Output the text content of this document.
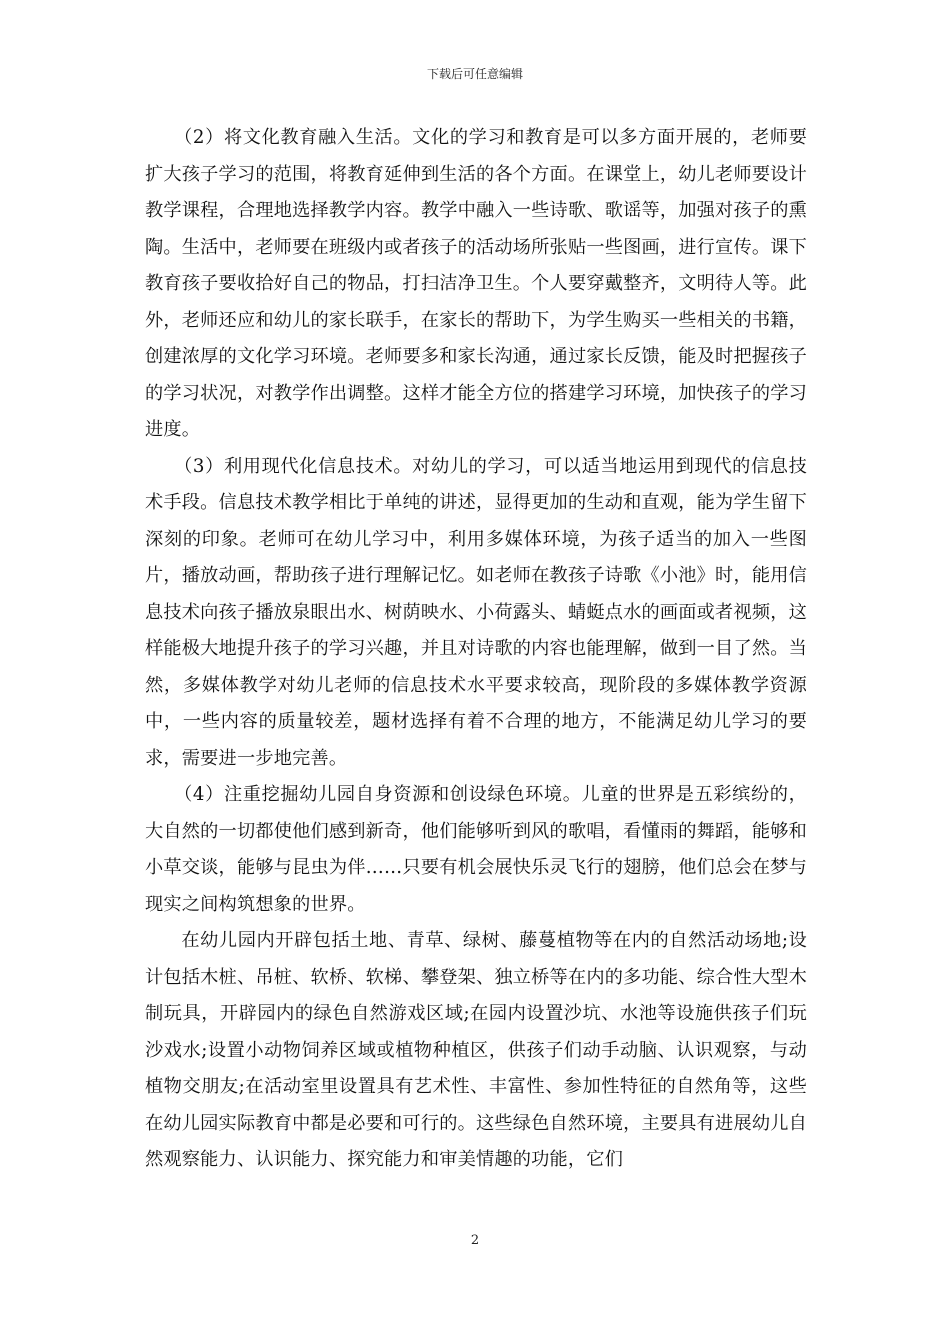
下载后可任意编辑

（2）将文化教育融入生活。文化的学习和教育是可以多方面开展的，老师要扩大孩子学习的范围，将教育延伸到生活的各个方面。在课堂上，幼儿老师要设计教学课程，合理地选择教学内容。教学中融入一些诗歌、歌谣等，加强对孩子的熏陶。生活中，老师要在班级内或者孩子的活动场所张贴一些图画，进行宣传。课下教育孩子要收拾好自己的物品，打扫洁净卫生。个人要穿戴整齐，文明待人等。此外，老师还应和幼儿的家长联手，在家长的帮助下，为学生购买一些相关的书籍，创建浓厚的文化学习环境。老师要多和家长沟通，通过家长反馈，能及时把握孩子的学习状况，对教学作出调整。这样才能全方位的搭建学习环境，加快孩子的学习进度。

（3）利用现代化信息技术。对幼儿的学习，可以适当地运用到现代的信息技术手段。信息技术教学相比于单纯的讲述，显得更加的生动和直观，能为学生留下深刻的印象。老师可在幼儿学习中，利用多媒体环境，为孩子适当的加入一些图片，播放动画，帮助孩子进行理解记忆。如老师在教孩子诗歌《小池》时，能用信息技术向孩子播放泉眼出水、树荫映水、小荷露头、蜻蜓点水的画面或者视频，这样能极大地提升孩子的学习兴趣，并且对诗歌的内容也能理解，做到一目了然。当然，多媒体教学对幼儿老师的信息技术水平要求较高，现阶段的多媒体教学资源中，一些内容的质量较差，题材选择有着不合理的地方，不能满足幼儿学习的要求，需要进一步地完善。

（4）注重挖掘幼儿园自身资源和创设绿色环境。儿童的世界是五彩缤纷的，大自然的一切都使他们感到新奇，他们能够听到风的歌唱，看懂雨的舞蹈，能够和小草交谈，能够与昆虫为伴……只要有机会展快乐灵飞行的翅膀，他们总会在梦与现实之间构筑想象的世界。

在幼儿园内开辟包括土地、青草、绿树、藤蔓植物等在内的自然活动场地;设计包括木桩、吊桩、软桥、软梯、攀登架、独立桥等在内的多功能、综合性大型木制玩具，开辟园内的绿色自然游戏区域;在园内设置沙坑、水池等设施供孩子们玩沙戏水;设置小动物饲养区域或植物种植区，供孩子们动手动脑、认识观察，与动植物交朋友;在活动室里设置具有艺术性、丰富性、参加性特征的自然角等，这些在幼儿园实际教育中都是必要和可行的。这些绿色自然环境，主要具有进展幼儿自然观察能力、认识能力、探究能力和审美情趣的功能，它们

2
